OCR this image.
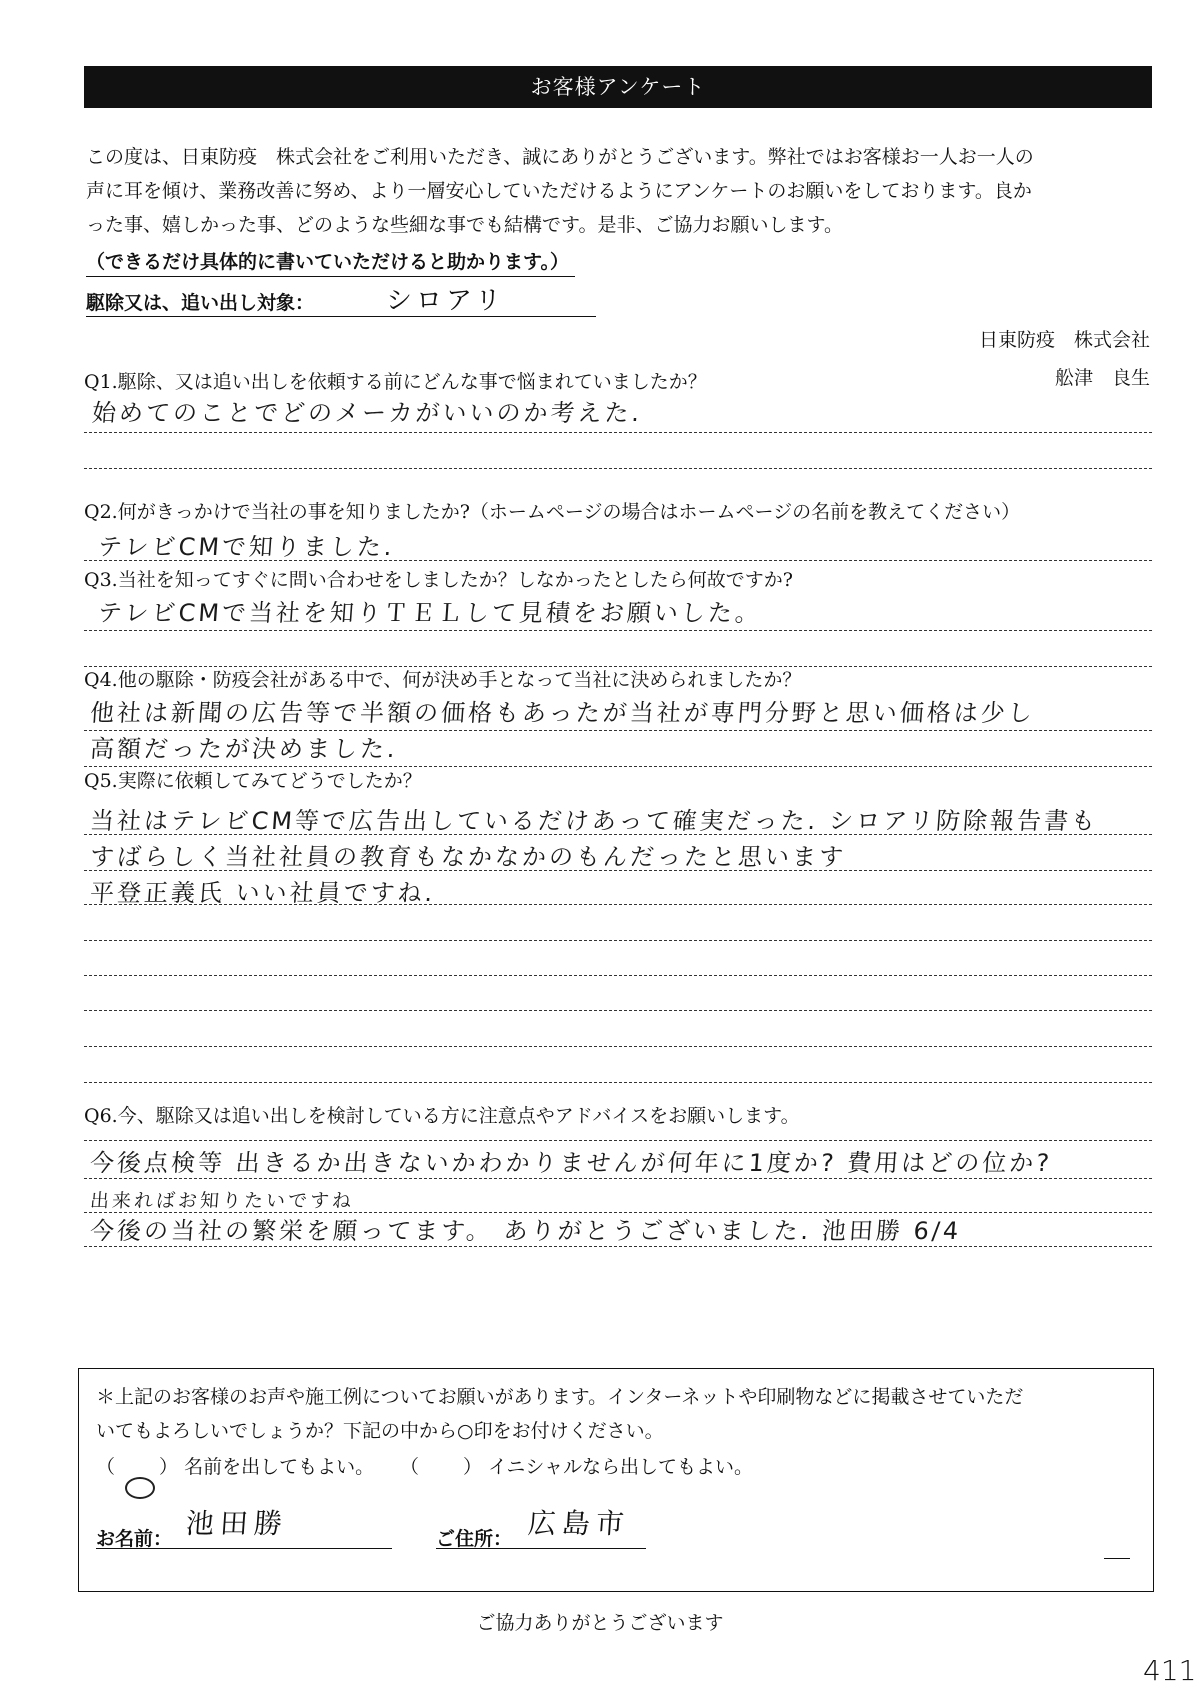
お客様アンケート
この度は、日東防疫　株式会社をご利用いただき、誠にありがとうございます。弊社ではお客様お一人お一人の
声に耳を傾け、業務改善に努め、より一層安心していただけるようにアンケートのお願いをしております。良か
った事、嬉しかった事、どのような些細な事でも結構です。是非、ご協力お願いします。
（できるだけ具体的に書いていただけると助かります。）
駆除又は、追い出し対象：	シロアリ
日東防疫　株式会社
舩津　良生
Q1.駆除、又は追い出しを依頼する前にどんな事で悩まれていましたか？
始めてのことでどのメーカがいいのか考えた.
Q2.何がきっかけで当社の事を知りましたか?（ホームページの場合はホームページの名前を教えてください）
テレビCMで知りました.
Q3.当社を知ってすぐに問い合わせをしましたか？しなかったとしたら何故ですか?
テレビCMで当社を知りＴＥＬして見積をお願いした。
Q4.他の駆除・防疫会社がある中で、何が決め手となって当社に決められましたか？
他社は新聞の広告等で半額の価格もあったが当社が専門分野と思い価格は少し
高額だったが決めました.
Q5.実際に依頼してみてどうでしたか？
当社はテレビCM等で広告出しているだけあって確実だった. シロアリ防除報告書も
すばらしく当社社員の教育もなかなかのもんだったと思います
平登正義氏 いい社員ですね.
Q6.今、駆除又は追い出しを検討している方に注意点やアドバイスをお願いします。
今後点検等 出きるか出きないかわかりませんが何年に1度か? 費用はどの位か?
出来ればお知りたいですね
今後の当社の繁栄を願ってます。 ありがとうございました. 池田勝 6/4
＊上記のお客様のお声や施工例についてお願いがあります。インターネットや印刷物などに掲載させていただ
いてもよろしいでしょうか？下記の中から○印をお付けください。
（ ） 名前を出してもよい。 （ ） イニシャルなら出してもよい。
お名前： 池田勝	ご住所： 広島市
ご協力ありがとうございます
411
